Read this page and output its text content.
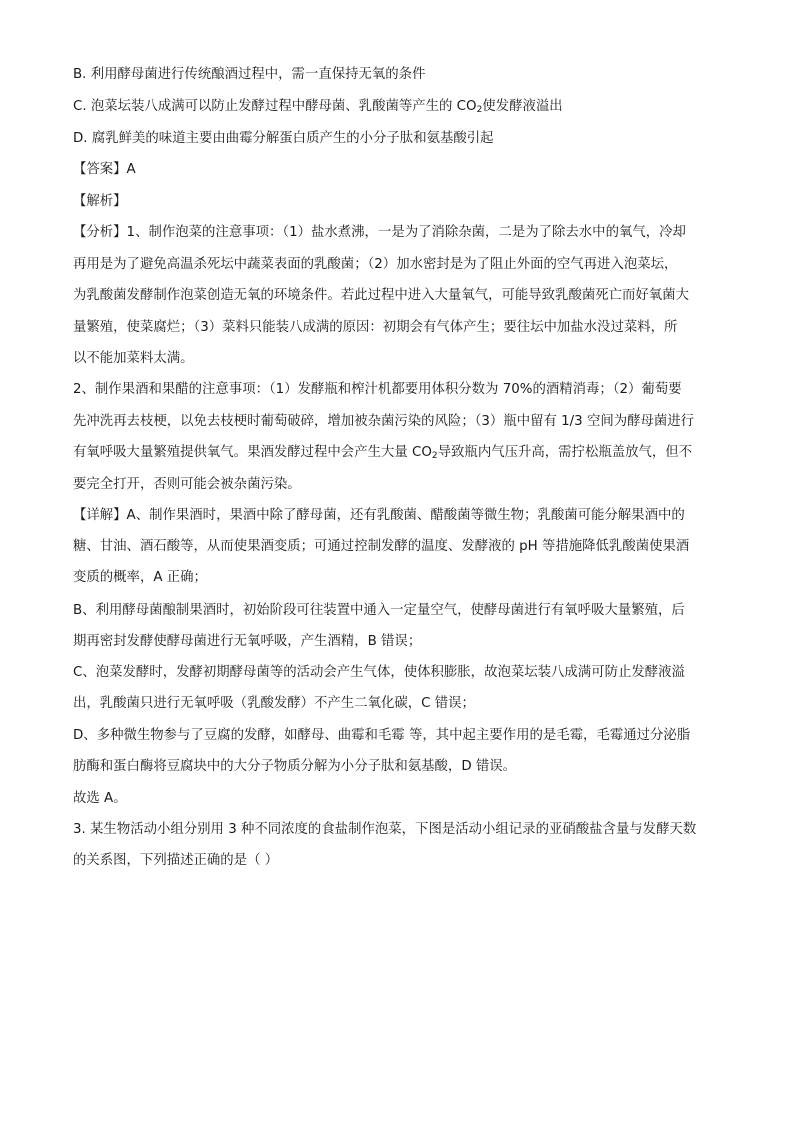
B. 利用酵母菌进行传统酿酒过程中，需一直保持无氧的条件
C. 泡菜坛装八成满可以防止发酵过程中酵母菌、乳酸菌等产生的 $CO_2$使发酵液溢出
D. 腐乳鲜美的味道主要由曲霉分解蛋白质产生的小分子肽和氨基酸引起
【答案】A
【解析】
【分析】1、制作泡菜的注意事项：（1）盐水煮沸，一是为了消除杂菌，二是为了除去水中的氧气，冷却
再用是为了避免高温杀死坛中蔬菜表面的乳酸菌；（2）加水密封是为了阻止外面的空气再进入泡菜坛，
为乳酸菌发酵制作泡菜创造无氧的环境条件。若此过程中进入大量氧气，可能导致乳酸菌死亡而好氧菌大
量繁殖，使菜腐烂；（3）菜料只能装八成满的原因：初期会有气体产生；要往坛中加盐水没过菜料，所
以不能加菜料太满。
2、制作果酒和果醋的注意事项：（1）发酵瓶和榨汁机都要用体积分数为 70%的酒精消毒；（2）葡萄要
先冲洗再去枝梗，以免去枝梗时葡萄破碎，增加被杂菌污染的风险；（3）瓶中留有 1/3 空间为酵母菌进行
有氧呼吸大量繁殖提供氧气。果酒发酵过程中会产生大量 $CO_2$导致瓶内气压升高，需拧松瓶盖放气，但不
要完全打开，否则可能会被杂菌污染。
【详解】A、制作果酒时，果酒中除了酵母菌，还有乳酸菌、醋酸菌等微生物；乳酸菌可能分解果酒中的
糖、甘油、酒石酸等，从而使果酒变质；可通过控制发酵的温度、发酵液的 pH 等措施降低乳酸菌使果酒
变质的概率，A 正确；
B、利用酵母菌酿制果酒时，初始阶段可往装置中通入一定量空气，使酵母菌进行有氧呼吸大量繁殖，后
期再密封发酵使酵母菌进行无氧呼吸，产生酒精，B 错误；
C、泡菜发酵时，发酵初期酵母菌等的活动会产生气体，使体积膨胀，故泡菜坛装八成满可防止发酵液溢
出，乳酸菌只进行无氧呼吸（乳酸发酵）不产生二氧化碳，C 错误；
D、多种微生物参与了豆腐的发酵，如酵母、曲霉和毛霉 等，其中起主要作用的是毛霉，毛霉通过分泌脂
肪酶和蛋白酶将豆腐块中的大分子物质分解为小分子肽和氨基酸，D 错误。
故选 A。
3. 某生物活动小组分别用 3 种不同浓度的食盐制作泡菜，下图是活动小组记录的亚硝酸盐含量与发酵天数
的关系图，下列描述正确的是（ ）
